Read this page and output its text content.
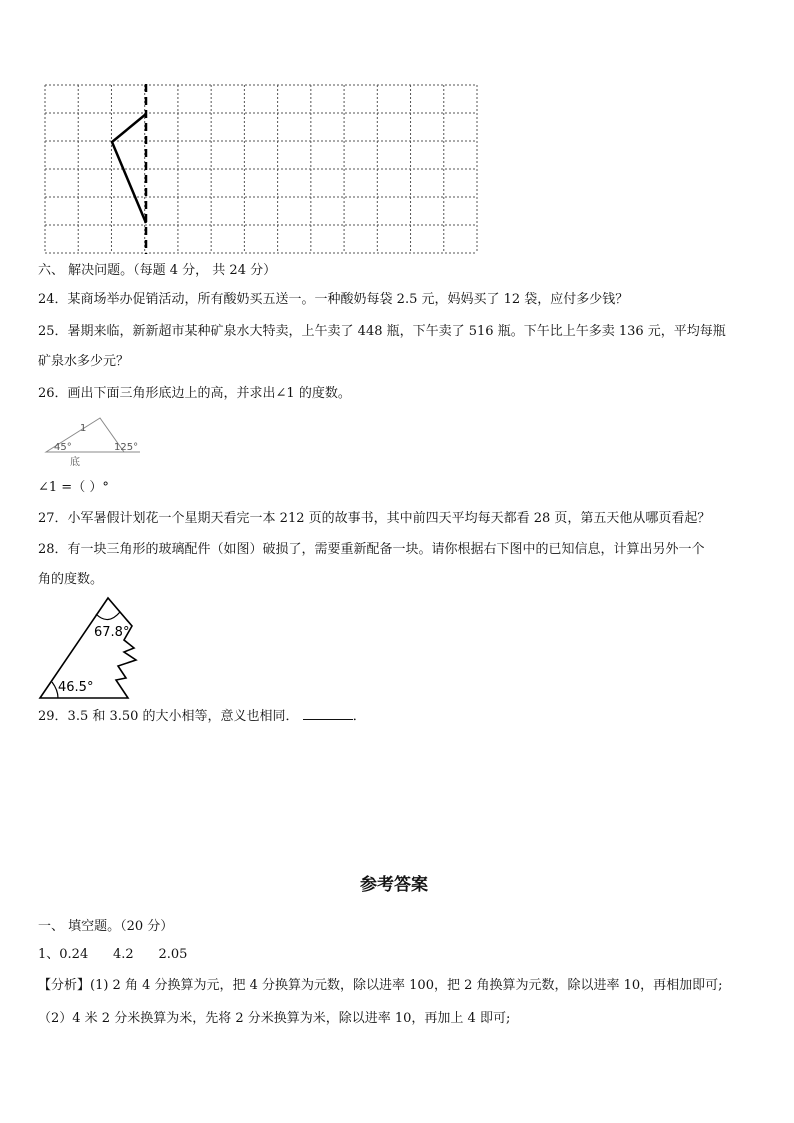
六、 解决问题。（每题 4 分， 共 24 分）
24．某商场举办促销活动，所有酸奶买五送一。一种酸奶每袋 2.5 元，妈妈买了 12 袋，应付多少钱？
25．暑期来临，新新超市某种矿泉水大特卖，上午卖了 448 瓶，下午卖了 516 瓶。下午比上午多卖 136 元，平均每瓶
矿泉水多少元？
26．画出下面三角形底边上的高，并求出∠1 的度数。
1
45°	125°
底
∠1 =（ ）°
27．小军暑假计划花一个星期天看完一本 212 页的故事书，其中前四天平均每天都看 28 页，第五天他从哪页看起？
28．有一块三角形的玻璃配件（如图）破损了，需要重新配备一块。请你根据右下图中的已知信息，计算出另外一个
角的度数。
67.8°
46.5°
29．3.5 和 3.50 的大小相等，意义也相同．	．
参考答案
一、 填空题。（20 分）
1、0.24      4.2      2.05
【分析】(1) 2 角 4 分换算为元，把 4 分换算为元数，除以进率 100，把 2 角换算为元数，除以进率 10，再相加即可;
（2）4 米 2 分米换算为米，先将 2 分米换算为米，除以进率 10，再加上 4 即可;
